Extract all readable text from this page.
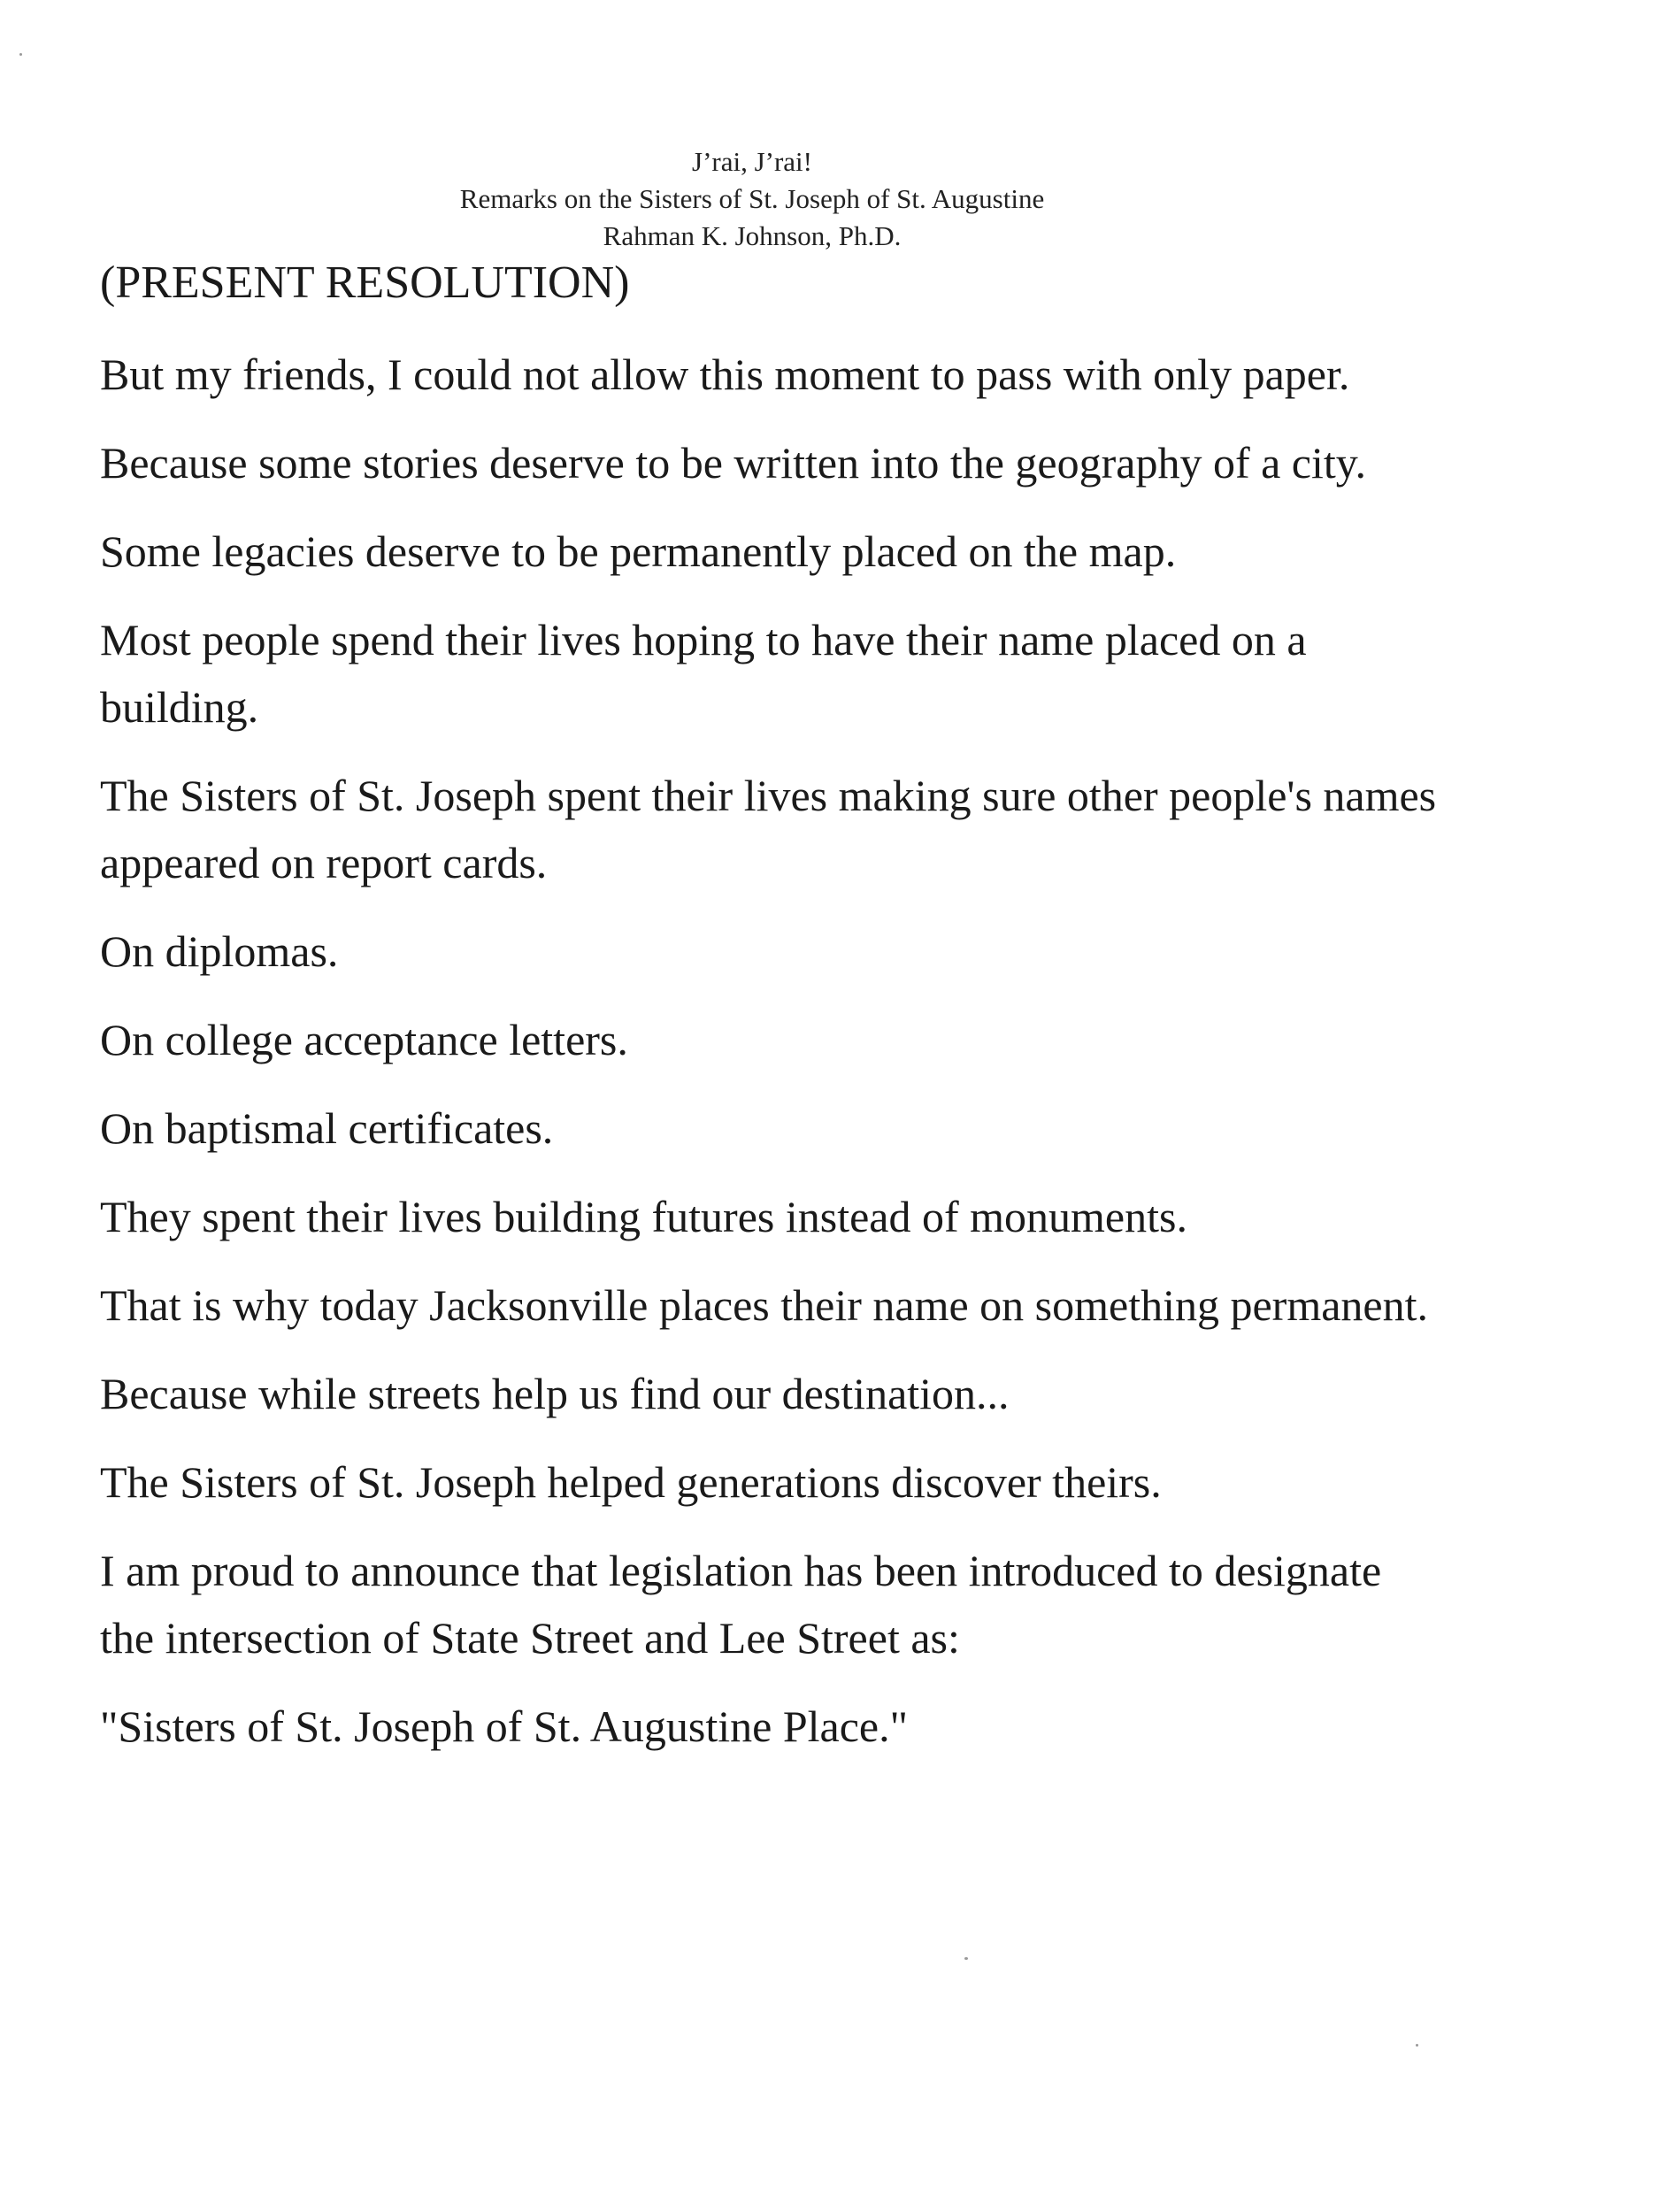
J’rai, J’rai!
Remarks on the Sisters of St. Joseph of St. Augustine
Rahman K. Johnson, Ph.D.
(PRESENT RESOLUTION)

But my friends, I could not allow this moment to pass with only paper.

Because some stories deserve to be written into the geography of a city.

Some legacies deserve to be permanently placed on the map.

Most people spend their lives hoping to have their name placed on a building.

The Sisters of St. Joseph spent their lives making sure other people's names appeared on report cards.

On diplomas.

On college acceptance letters.

On baptismal certificates.

They spent their lives building futures instead of monuments.

That is why today Jacksonville places their name on something permanent.

Because while streets help us find our destination...

The Sisters of St. Joseph helped generations discover theirs.

I am proud to announce that legislation has been introduced to designate the intersection of State Street and Lee Street as:

"Sisters of St. Joseph of St. Augustine Place."
